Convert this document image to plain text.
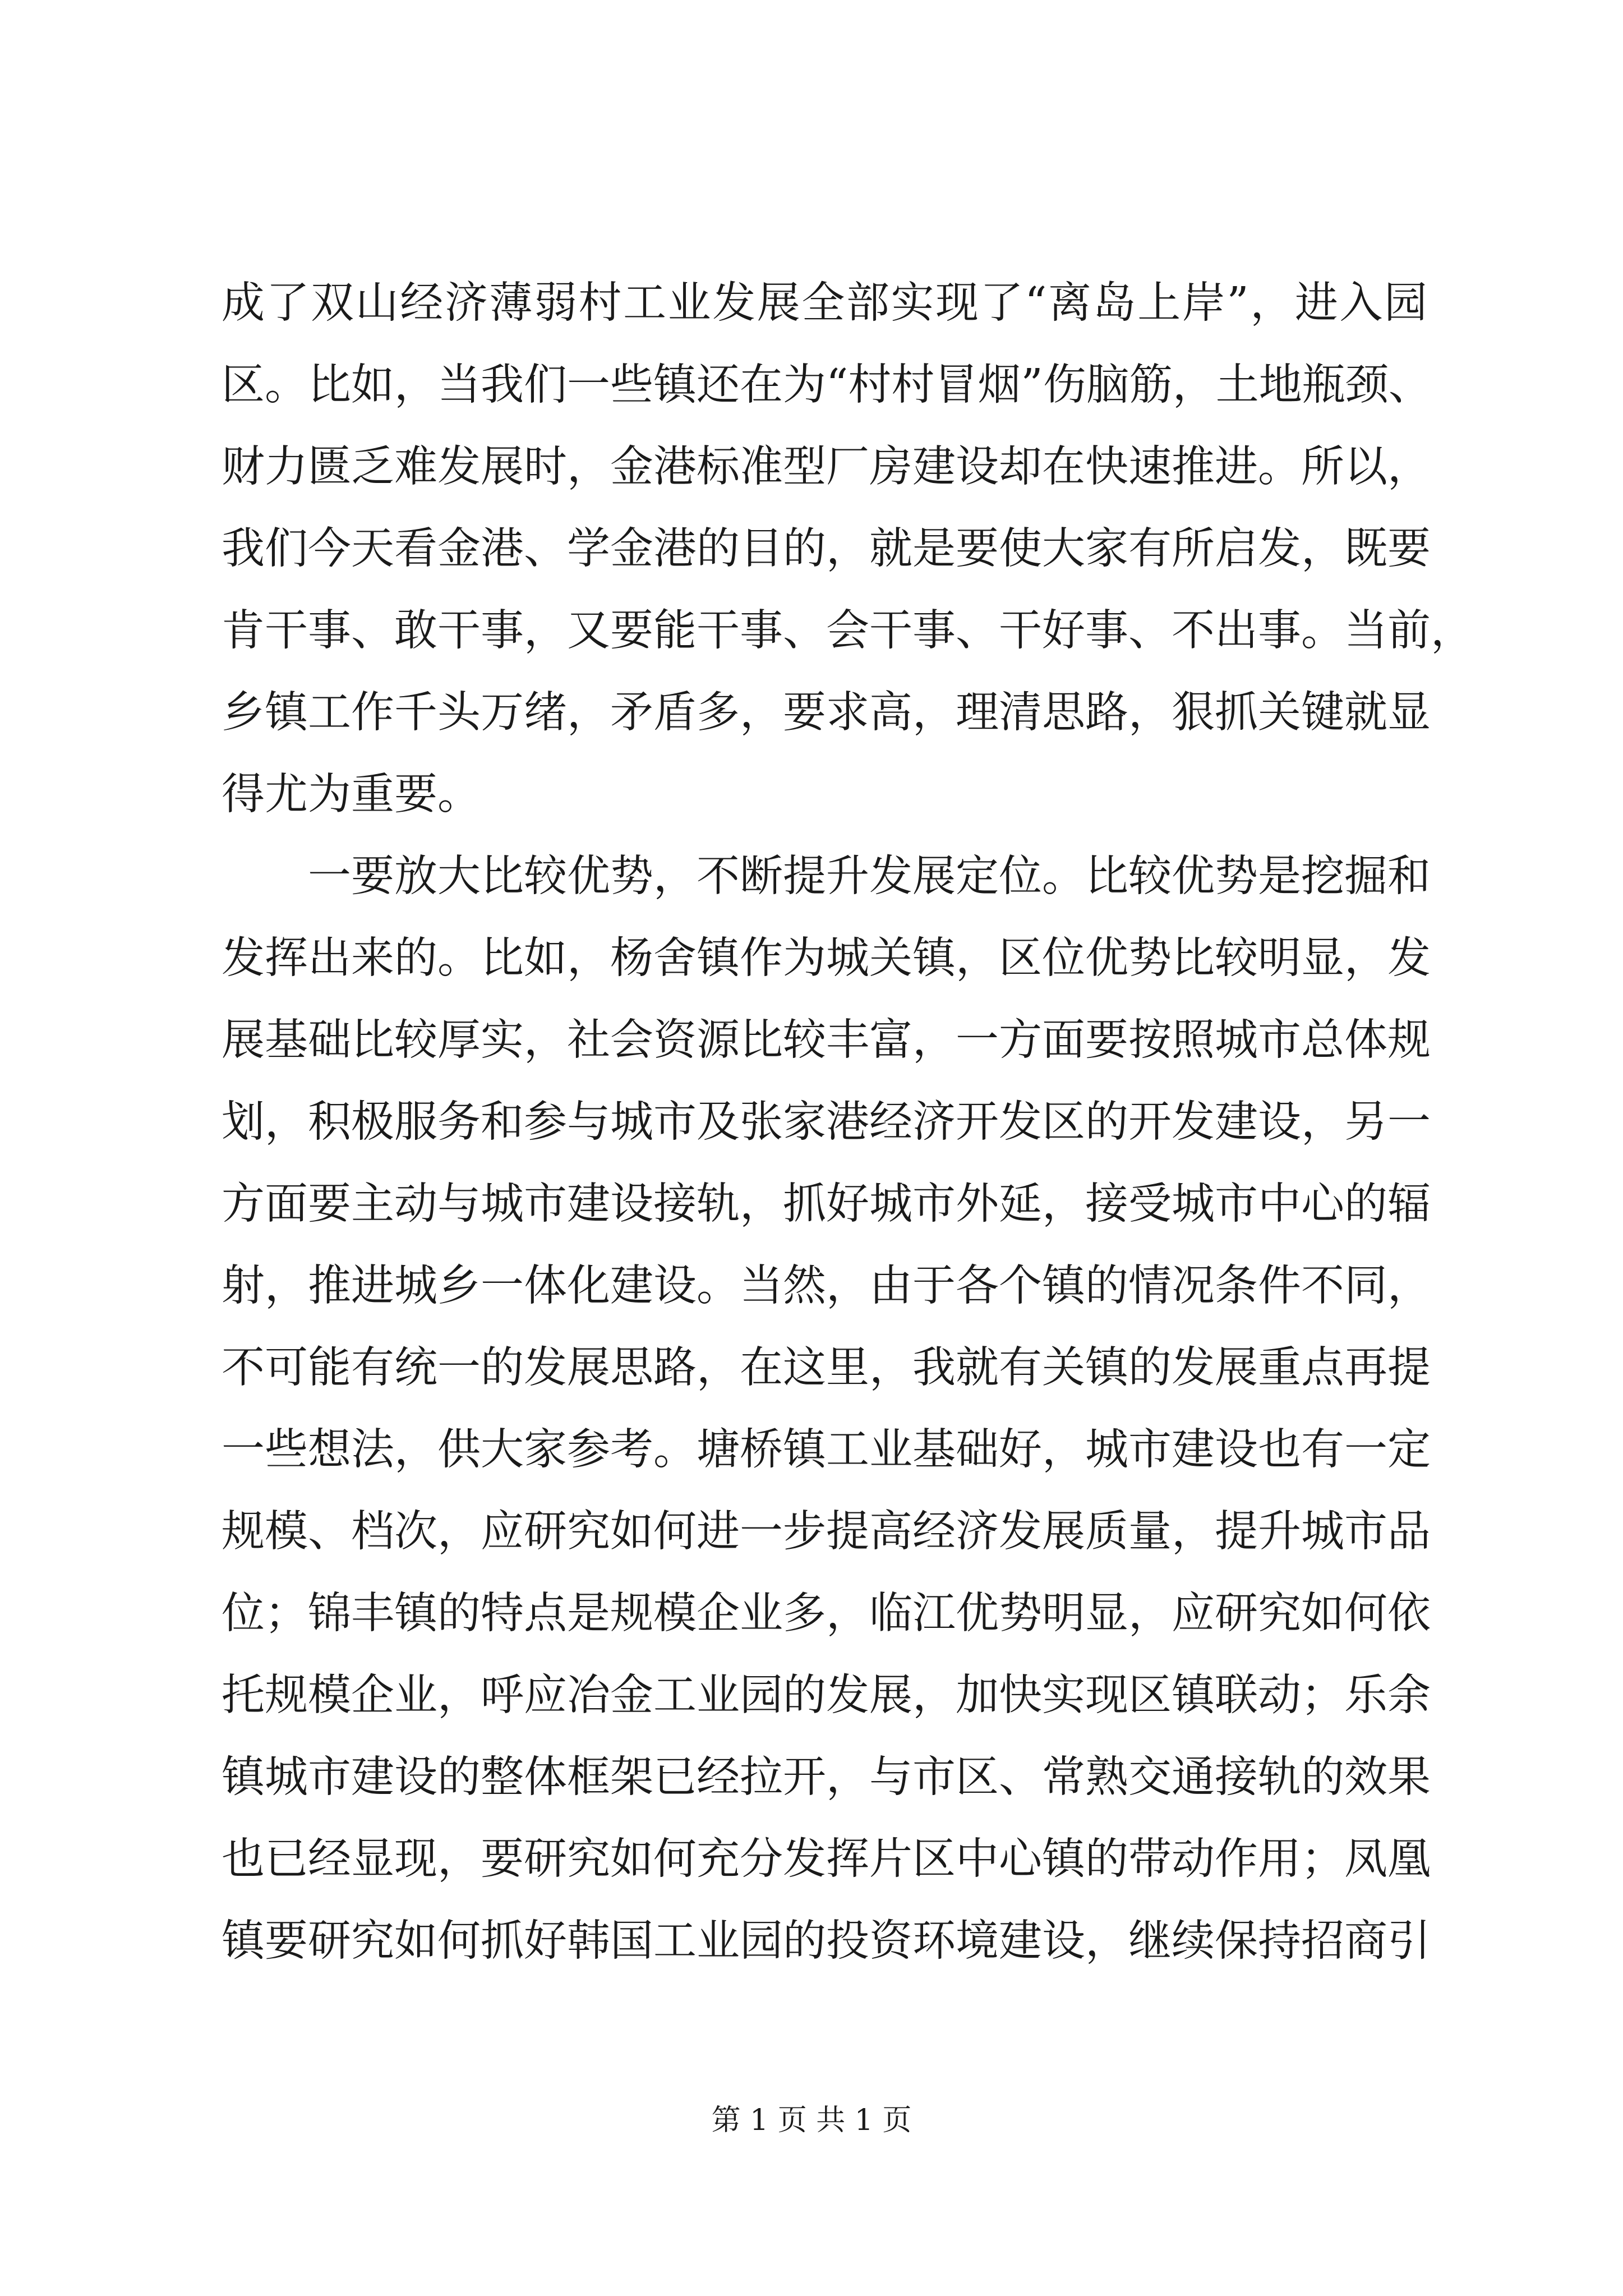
成了双山经济薄弱村工业发展全部实现了“离岛上岸”，进入园
区。比如，当我们一些镇还在为“村村冒烟”伤脑筋，土地瓶颈、
财力匮乏难发展时，金港标准型厂房建设却在快速推进。所以，
我们今天看金港、学金港的目的，就是要使大家有所启发，既要
肯干事、敢干事，又要能干事、会干事、干好事、不出事。当前，
乡镇工作千头万绪，矛盾多，要求高，理清思路，狠抓关键就显
得尤为重要。
一要放大比较优势，不断提升发展定位。比较优势是挖掘和
发挥出来的。比如，杨舍镇作为城关镇，区位优势比较明显，发
展基础比较厚实，社会资源比较丰富，一方面要按照城市总体规
划，积极服务和参与城市及张家港经济开发区的开发建设，另一
方面要主动与城市建设接轨，抓好城市外延，接受城市中心的辐
射，推进城乡一体化建设。当然，由于各个镇的情况条件不同，
不可能有统一的发展思路，在这里，我就有关镇的发展重点再提
一些想法，供大家参考。塘桥镇工业基础好，城市建设也有一定
规模、档次，应研究如何进一步提高经济发展质量，提升城市品
位；锦丰镇的特点是规模企业多，临江优势明显，应研究如何依
托规模企业，呼应冶金工业园的发展，加快实现区镇联动；乐余
镇城市建设的整体框架已经拉开，与市区、常熟交通接轨的效果
也已经显现，要研究如何充分发挥片区中心镇的带动作用；凤凰
镇要研究如何抓好韩国工业园的投资环境建设，继续保持招商引
第 1 页 共 1 页
